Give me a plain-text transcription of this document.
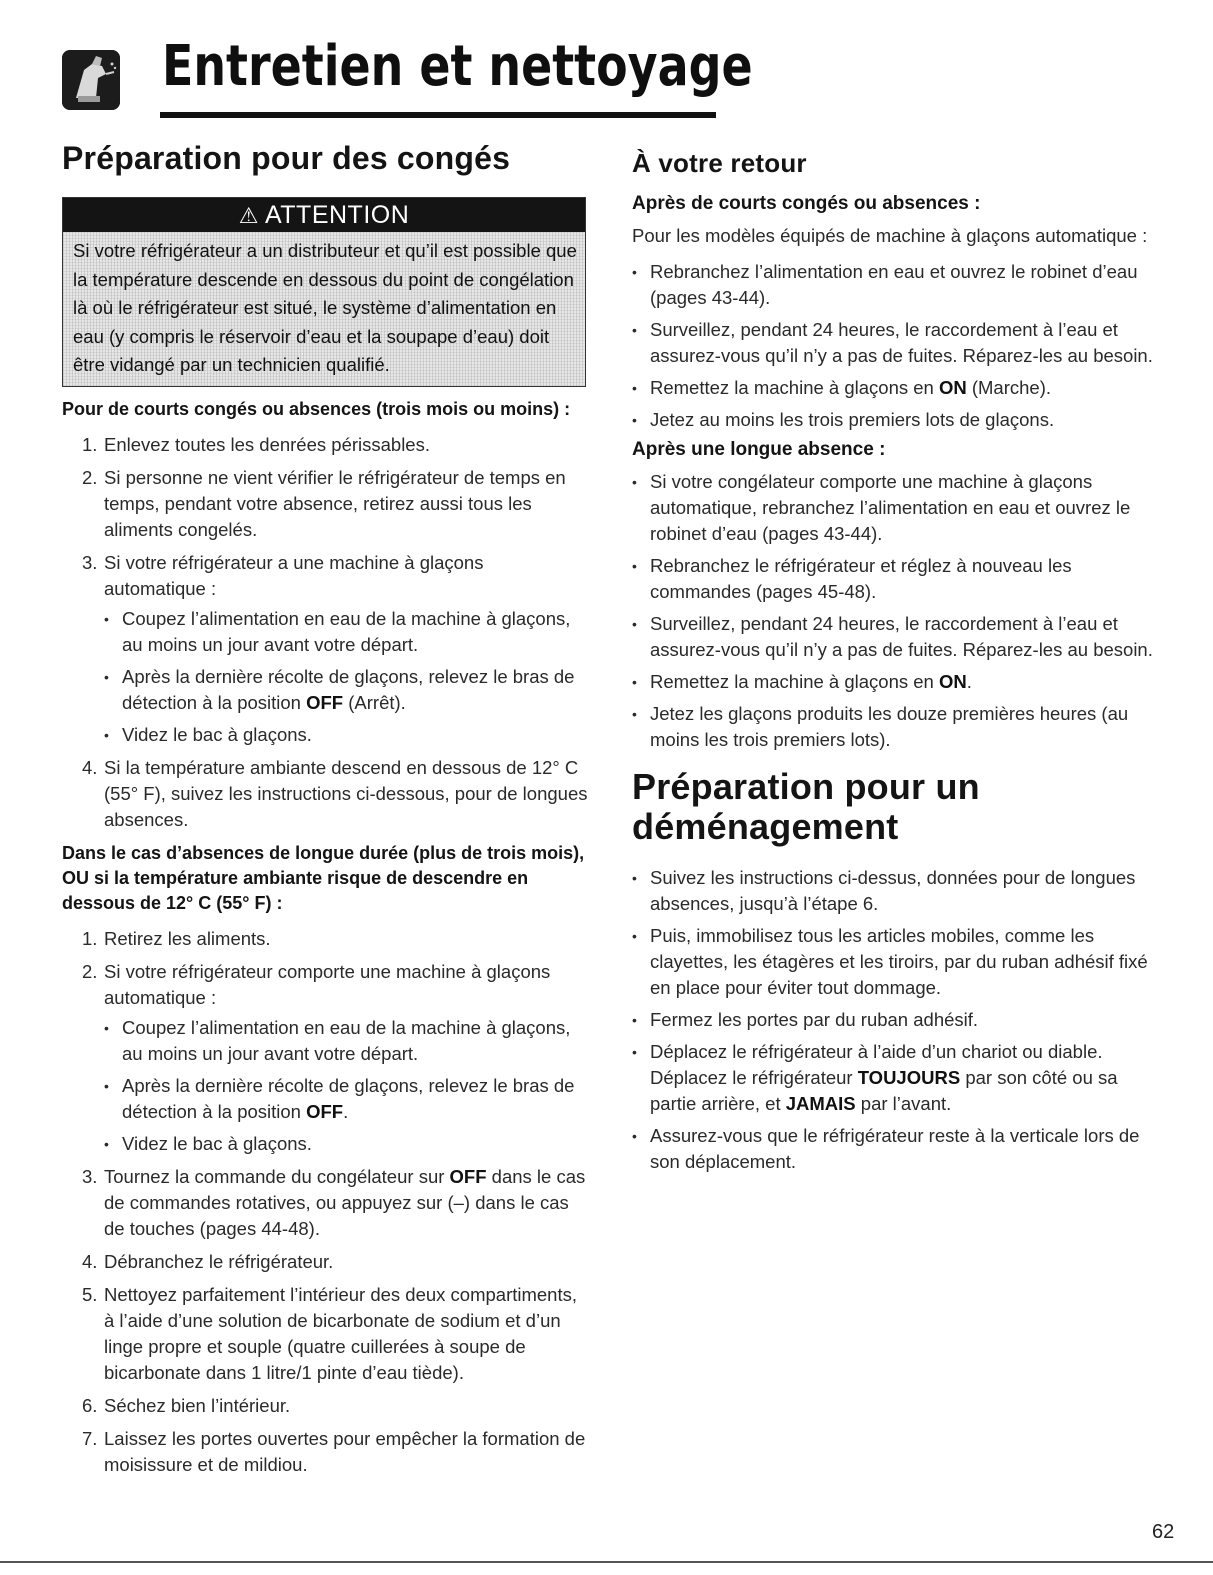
Entretien et nettoyage
Préparation pour des congés
⚠ ATTENTION
Si votre réfrigérateur a un distributeur et qu’il est possible que la température descende en dessous du point de congélation là où le réfrigérateur est situé, le système d’alimentation en eau (y compris le réservoir d’eau et la soupape d’eau) doit être vidangé par un technicien qualifié.
Pour de courts congés ou absences (trois mois ou moins) :
1. Enlevez toutes les denrées périssables.
2. Si personne ne vient vérifier le réfrigérateur de temps en temps, pendant votre absence, retirez aussi tous les aliments congelés.
3. Si votre réfrigérateur a une machine à glaçons automatique :
• Coupez l’alimentation en eau de la machine à glaçons, au moins un jour avant votre départ.
• Après la dernière récolte de glaçons, relevez le bras de détection à la position OFF (Arrêt).
• Videz le bac à glaçons.
4. Si la température ambiante descend en dessous de 12° C (55° F), suivez les instructions ci-dessous, pour de longues absences.
Dans le cas d’absences de longue durée (plus de trois mois), OU si la température ambiante risque de descendre en dessous de 12° C (55° F) :
1. Retirez les aliments.
2. Si votre réfrigérateur comporte une machine à glaçons automatique :
• Coupez l’alimentation en eau de la machine à glaçons, au moins un jour avant votre départ.
• Après la dernière récolte de glaçons, relevez le bras de détection à la position OFF.
• Videz le bac à glaçons.
3. Tournez la commande du congélateur sur OFF dans le cas de commandes rotatives, ou appuyez sur (–) dans le cas de touches (pages 44-48).
4. Débranchez le réfrigérateur.
5. Nettoyez parfaitement l’intérieur des deux compartiments, à l’aide d’une solution de bicarbonate de sodium et d’un linge propre et souple (quatre cuillerées à soupe de bicarbonate dans 1 litre/1 pinte d’eau tiède).
6. Séchez bien l’intérieur.
7. Laissez les portes ouvertes pour empêcher la formation de moisissure et de mildiou.
À votre retour
Après de courts congés ou absences :

Pour les modèles équipés de machine à glaçons automatique :

• Rebranchez l’alimentation en eau et ouvrez le robinet d’eau (pages 43-44).
• Surveillez, pendant 24 heures, le raccordement à l’eau et assurez-vous qu’il n’y a pas de fuites. Réparez-les au besoin.
• Remettez la machine à glaçons en ON (Marche).
• Jetez au moins les trois premiers lots de glaçons.
Après une longue absence :
• Si votre congélateur comporte une machine à glaçons automatique, rebranchez l’alimentation en eau et ouvrez le robinet d’eau (pages 43-44).
• Rebranchez le réfrigérateur et réglez à nouveau les commandes (pages 45-48).
• Surveillez, pendant 24 heures, le raccordement à l’eau et assurez-vous qu’il n’y a pas de fuites. Réparez-les au besoin.
• Remettez la machine à glaçons en ON.
• Jetez les glaçons produits les douze premières heures (au moins les trois premiers lots).
Préparation pour un déménagement
• Suivez les instructions ci-dessus, données pour de longues absences, jusqu’à l’étape 6.
• Puis, immobilisez tous les articles mobiles, comme les clayettes, les étagères et les tiroirs, par du ruban adhésif fixé en place pour éviter tout dommage.
• Fermez les portes par du ruban adhésif.
• Déplacez le réfrigérateur à l’aide d’un chariot ou diable. Déplacez le réfrigérateur TOUJOURS par son côté ou sa partie arrière, et JAMAIS par l’avant.
• Assurez-vous que le réfrigérateur reste à la verticale lors de son déplacement.
62
